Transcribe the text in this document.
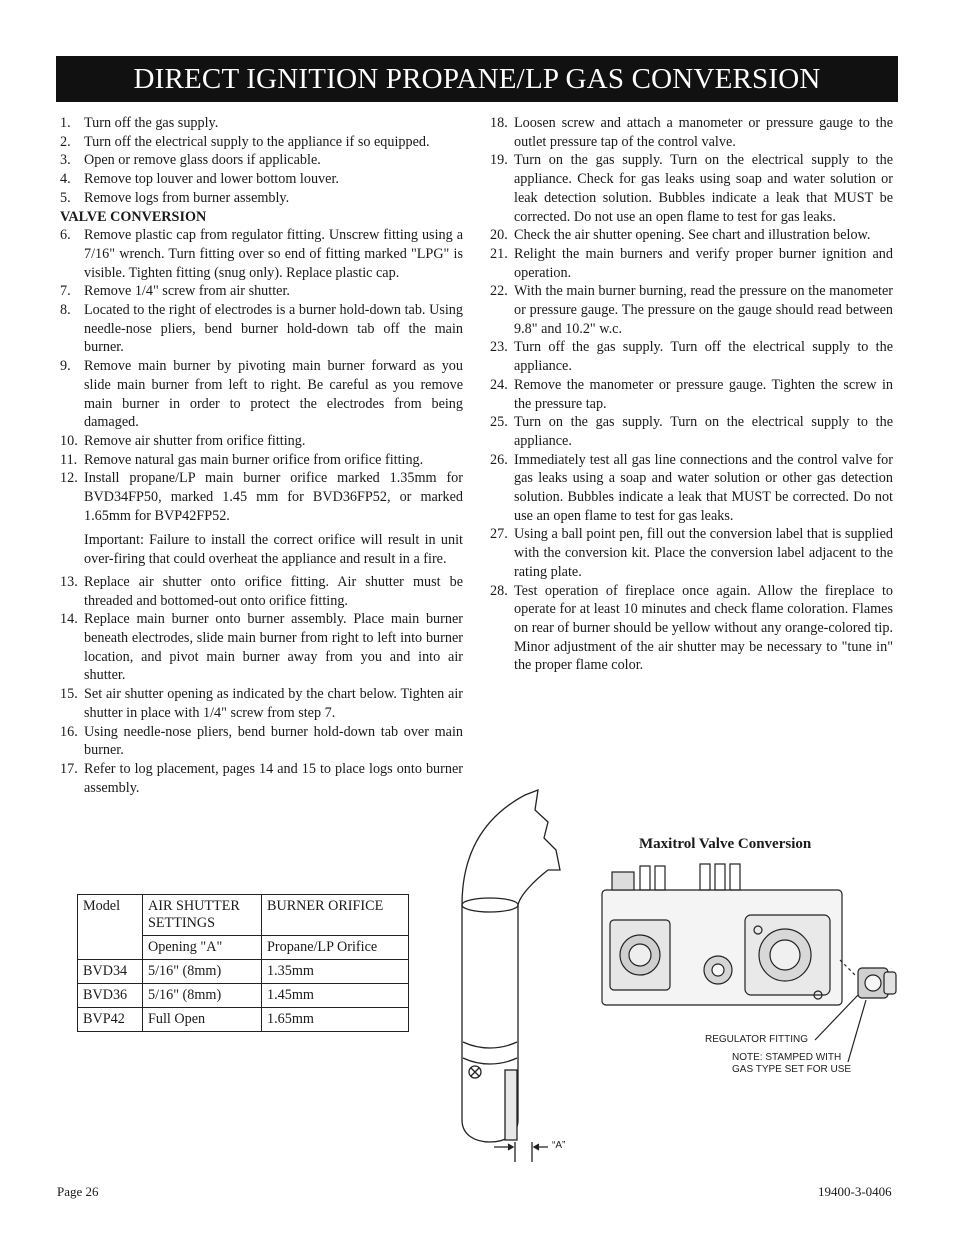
DIRECT IGNITION PROPANE/LP GAS CONVERSION
1. Turn off the gas supply.
2. Turn off the electrical supply to the appliance if so equipped.
3. Open or remove glass doors if applicable.
4. Remove top louver and lower bottom louver.
5. Remove logs from burner assembly.
VALVE CONVERSION
6. Remove plastic cap from regulator fitting. Unscrew fitting using a 7/16" wrench. Turn fitting over so end of fitting marked "LPG" is visible. Tighten fitting (snug only). Replace plastic cap.
7. Remove 1/4" screw from air shutter.
8. Located to the right of electrodes is a burner hold-down tab. Using needle-nose pliers, bend burner hold-down tab off the main burner.
9. Remove main burner by pivoting main burner forward as you slide main burner from left to right. Be careful as you remove main burner in order to protect the electrodes from being damaged.
10. Remove air shutter from orifice fitting.
11. Remove natural gas main burner orifice from orifice fitting.
12. Install propane/LP main burner orifice marked 1.35mm for BVD34FP50, marked 1.45 mm for BVD36FP52, or marked 1.65mm for BVP42FP52.
Important: Failure to install the correct orifice will result in unit over-firing that could overheat the appliance and result in a fire.
13. Replace air shutter onto orifice fitting. Air shutter must be threaded and bottomed-out onto orifice fitting.
14. Replace main burner onto burner assembly. Place main burner beneath electrodes, slide main burner from right to left into burner location, and pivot main burner away from you and into air shutter.
15. Set air shutter opening as indicated by the chart below. Tighten air shutter in place with 1/4" screw from step 7.
16. Using needle-nose pliers, bend burner hold-down tab over main burner.
17. Refer to log placement, pages 14 and 15 to place logs onto burner assembly.
18. Loosen screw and attach a manometer or pressure gauge to the outlet pressure tap of the control valve.
19. Turn on the gas supply. Turn on the electrical supply to the appliance. Check for gas leaks using soap and water solution or leak detection solution. Bubbles indicate a leak that MUST be corrected. Do not use an open flame to test for gas leaks.
20. Check the air shutter opening. See chart and illustration below.
21. Relight the main burners and verify proper burner ignition and operation.
22. With the main burner burning, read the pressure on the manometer or pressure gauge. The pressure on the gauge should read between 9.8" and 10.2" w.c.
23. Turn off the gas supply. Turn off the electrical supply to the appliance.
24. Remove the manometer or pressure gauge. Tighten the screw in the pressure tap.
25. Turn on the gas supply. Turn on the electrical supply to the appliance.
26. Immediately test all gas line connections and the control valve for gas leaks using a soap and water solution or other gas detection solution. Bubbles indicate a leak that MUST be corrected. Do not use an open flame to test for gas leaks.
27. Using a ball point pen, fill out the conversion label that is supplied with the conversion kit. Place the conversion label adjacent to the rating plate.
28. Test operation of fireplace once again. Allow the fireplace to operate for at least 10 minutes and check flame coloration. Flames on rear of burner should be yellow without any orange-colored tip. Minor adjustment of the air shutter may be necessary to "tune in" the proper flame color.
Model	AIR SHUTTER SETTINGS	BURNER ORIFICE
	Opening "A"	Propane/LP Orifice
BVD34	5/16" (8mm)	1.35mm
BVD36	5/16" (8mm)	1.45mm
BVP42	Full Open	1.65mm
Maxitrol Valve Conversion
REGULATOR FITTING
NOTE: STAMPED WITH
GAS TYPE SET FOR USE
“A”
Page 26	19400-3-0406
